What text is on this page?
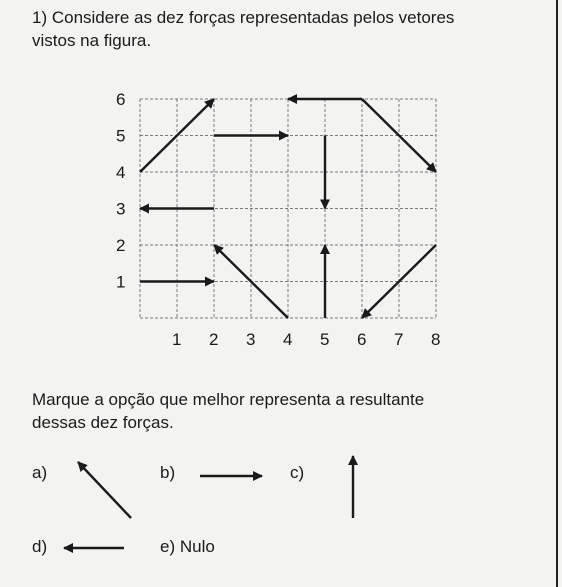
1) Considere as dez forças representadas pelos vetores
vistos na figura.
1 2 3 4 5 6 7 8
1
2
3
4
5
6
Marque a opção que melhor representa a resultante
dessas dez forças.
a)	b)	c)
d)	e) Nulo
